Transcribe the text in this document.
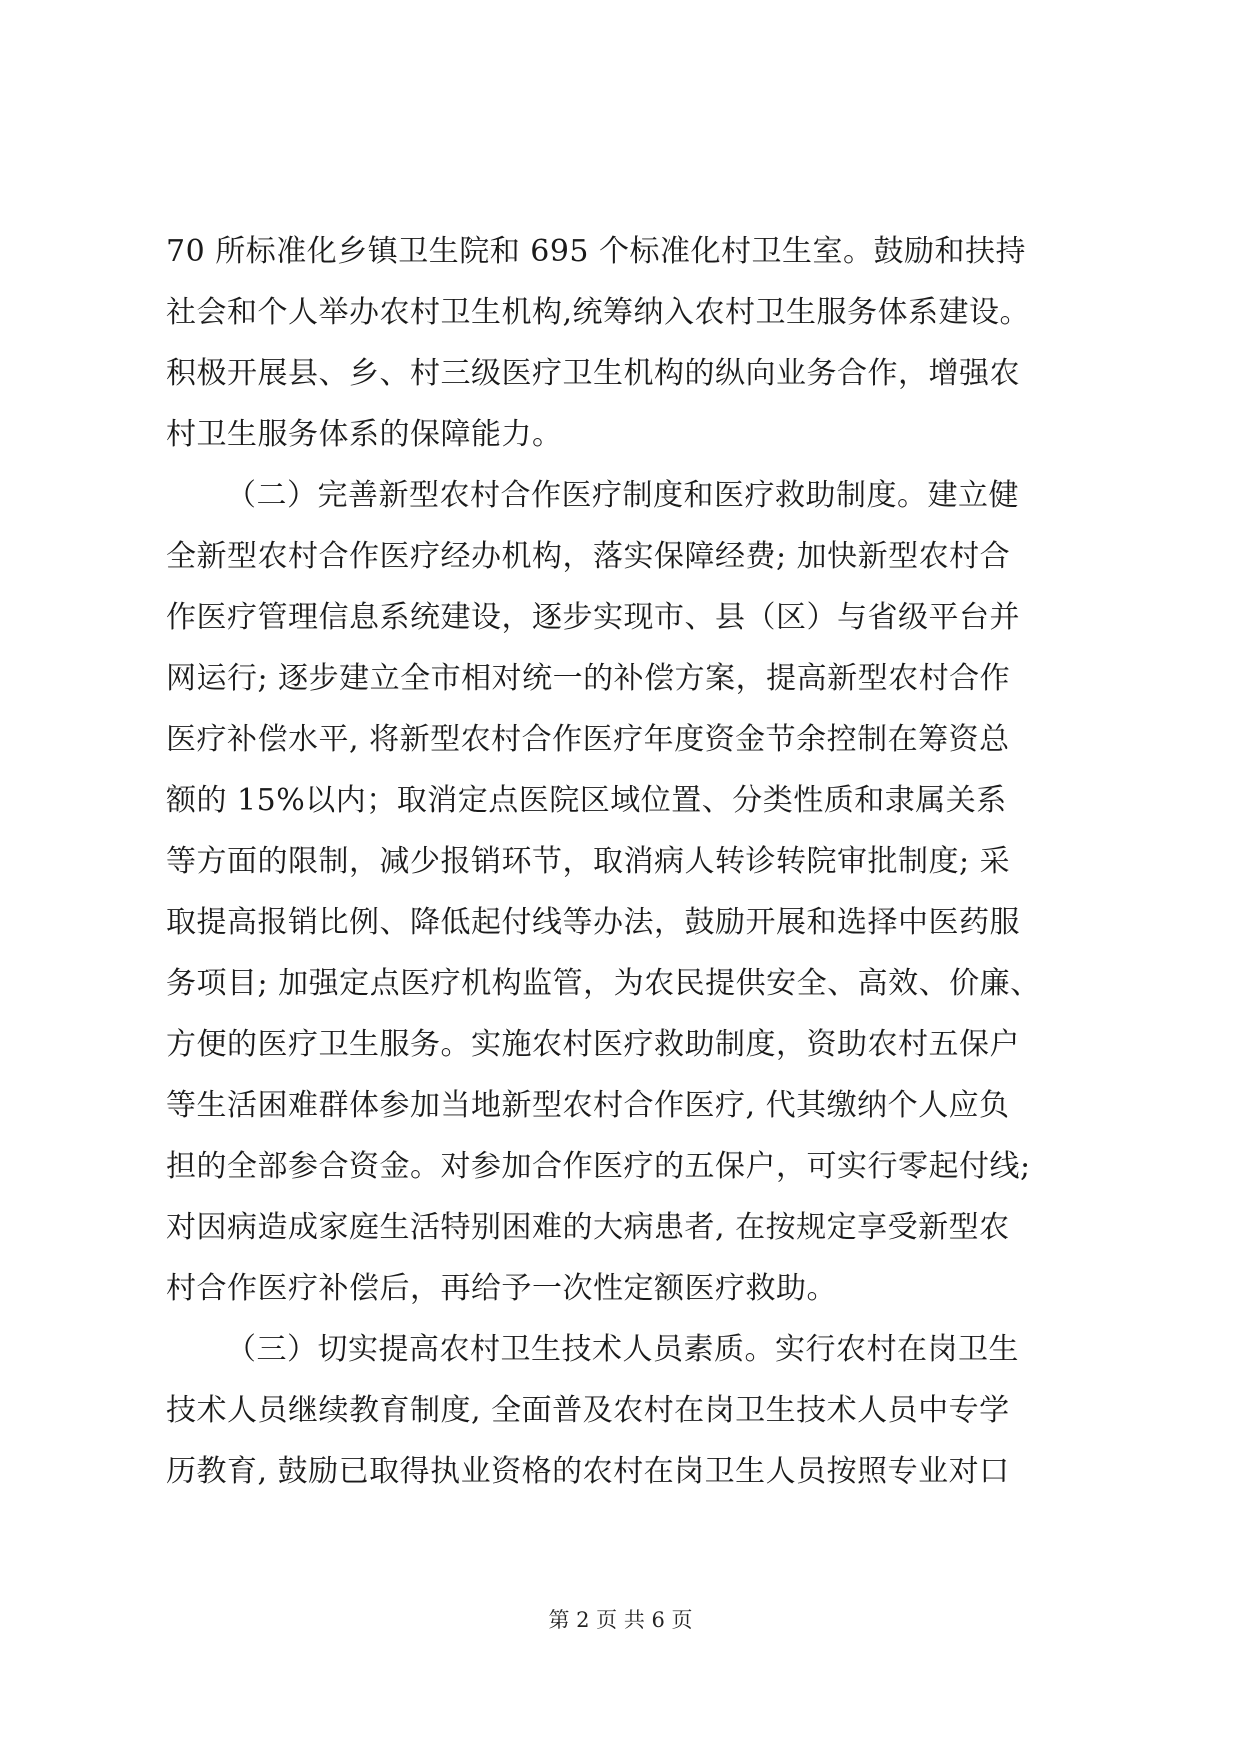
70 所标准化乡镇卫生院和 695 个标准化村卫生室。鼓励和扶持
社会和个人举办农村卫生机构,统筹纳入农村卫生服务体系建设。
积极开展县、乡、村三级医疗卫生机构的纵向业务合作，增强农
村卫生服务体系的保障能力。
（二）完善新型农村合作医疗制度和医疗救助制度。建立健
全新型农村合作医疗经办机构，落实保障经费; 加快新型农村合
作医疗管理信息系统建设，逐步实现市、县（区）与省级平台并
网运行; 逐步建立全市相对统一的补偿方案，提高新型农村合作
医疗补偿水平, 将新型农村合作医疗年度资金节余控制在筹资总
额的 15%以内；取消定点医院区域位置、分类性质和隶属关系
等方面的限制，减少报销环节，取消病人转诊转院审批制度; 采
取提高报销比例、降低起付线等办法，鼓励开展和选择中医药服
务项目; 加强定点医疗机构监管，为农民提供安全、高效、价廉、
方便的医疗卫生服务。实施农村医疗救助制度，资助农村五保户
等生活困难群体参加当地新型农村合作医疗, 代其缴纳个人应负
担的全部参合资金。对参加合作医疗的五保户，可实行零起付线;
对因病造成家庭生活特别困难的大病患者, 在按规定享受新型农
村合作医疗补偿后，再给予一次性定额医疗救助。
（三）切实提高农村卫生技术人员素质。实行农村在岗卫生
技术人员继续教育制度, 全面普及农村在岗卫生技术人员中专学
历教育, 鼓励已取得执业资格的农村在岗卫生人员按照专业对口
第 2 页 共 6 页
